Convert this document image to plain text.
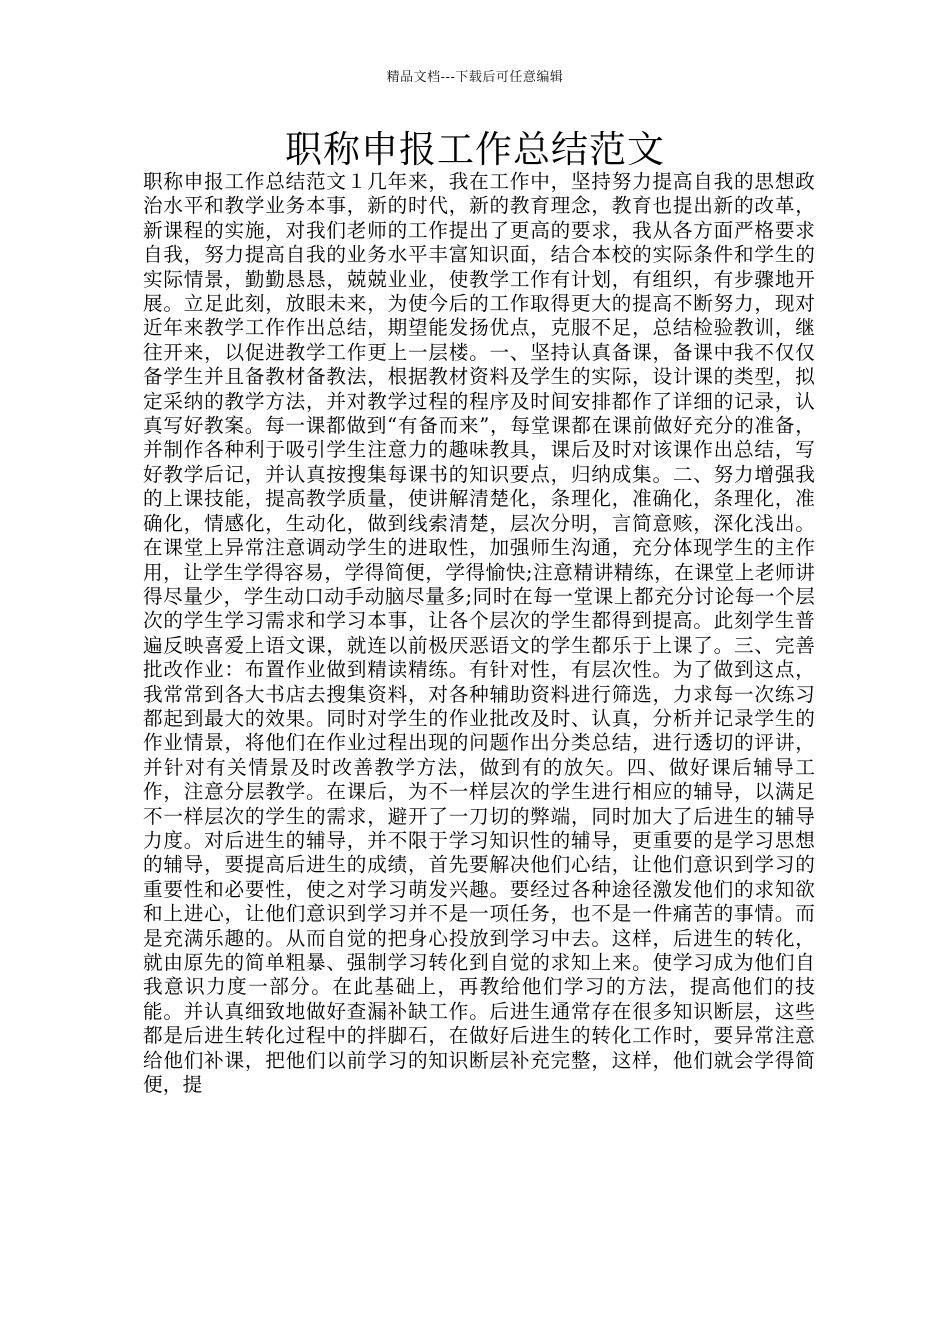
精品文档---下载后可任意编辑
职称申报工作总结范文

职称申报工作总结范文１几年来，我在工作中，坚持努力提高自我的思想政治水平和教学业务本事，新的时代，新的教育理念，教育也提出新的改革，新课程的实施，对我们老师的工作提出了更高的要求，我从各方面严格要求自我，努力提高自我的业务水平丰富知识面，结合本校的实际条件和学生的实际情景，勤勤恳恳，兢兢业业，使教学工作有计划，有组织，有步骤地开展。立足此刻，放眼未来，为使今后的工作取得更大的提高不断努力，现对近年来教学工作作出总结，期望能发扬优点，克服不足，总结检验教训，继往开来，以促进教学工作更上一层楼。一、坚持认真备课，备课中我不仅仅备学生并且备教材备教法，根据教材资料及学生的实际，设计课的类型，拟定采纳的教学方法，并对教学过程的程序及时间安排都作了详细的记录，认真写好教案。每一课都做到“有备而来”，每堂课都在课前做好充分的准备，并制作各种利于吸引学生注意力的趣味教具，课后及时对该课作出总结，写好教学后记，并认真按搜集每课书的知识要点，归纳成集。二、努力增强我的上课技能，提高教学质量，使讲解清楚化，条理化，准确化，条理化，准确化，情感化，生动化，做到线索清楚，层次分明，言简意赅，深化浅出。在课堂上异常注意调动学生的进取性，加强师生沟通，充分体现学生的主作用，让学生学得容易，学得简便，学得愉快;注意精讲精练，在课堂上老师讲得尽量少，学生动口动手动脑尽量多;同时在每一堂课上都充分讨论每一个层次的学生学习需求和学习本事，让各个层次的学生都得到提高。此刻学生普遍反映喜爱上语文课，就连以前极厌恶语文的学生都乐于上课了。三、完善批改作业：布置作业做到精读精练。有针对性，有层次性。为了做到这点，我常常到各大书店去搜集资料，对各种辅助资料进行筛选，力求每一次练习都起到最大的效果。同时对学生的作业批改及时、认真，分析并记录学生的作业情景，将他们在作业过程出现的问题作出分类总结，进行透切的评讲，并针对有关情景及时改善教学方法，做到有的放矢。四、做好课后辅导工作，注意分层教学。在课后，为不一样层次的学生进行相应的辅导，以满足不一样层次的学生的需求，避开了一刀切的弊端，同时加大了后进生的辅导力度。对后进生的辅导，并不限于学习知识性的辅导，更重要的是学习思想的辅导，要提高后进生的成绩，首先要解决他们心结，让他们意识到学习的重要性和必要性，使之对学习萌发兴趣。要经过各种途径激发他们的求知欲和上进心，让他们意识到学习并不是一项任务，也不是一件痛苦的事情。而是充满乐趣的。从而自觉的把身心投放到学习中去。这样，后进生的转化，就由原先的简单粗暴、强制学习转化到自觉的求知上来。使学习成为他们自我意识力度一部分。在此基础上，再教给他们学习的方法，提高他们的技能。并认真细致地做好查漏补缺工作。后进生通常存在很多知识断层，这些都是后进生转化过程中的拌脚石，在做好后进生的转化工作时，要异常注意给他们补课，把他们以前学习的知识断层补充完整，这样，他们就会学得简便，提
